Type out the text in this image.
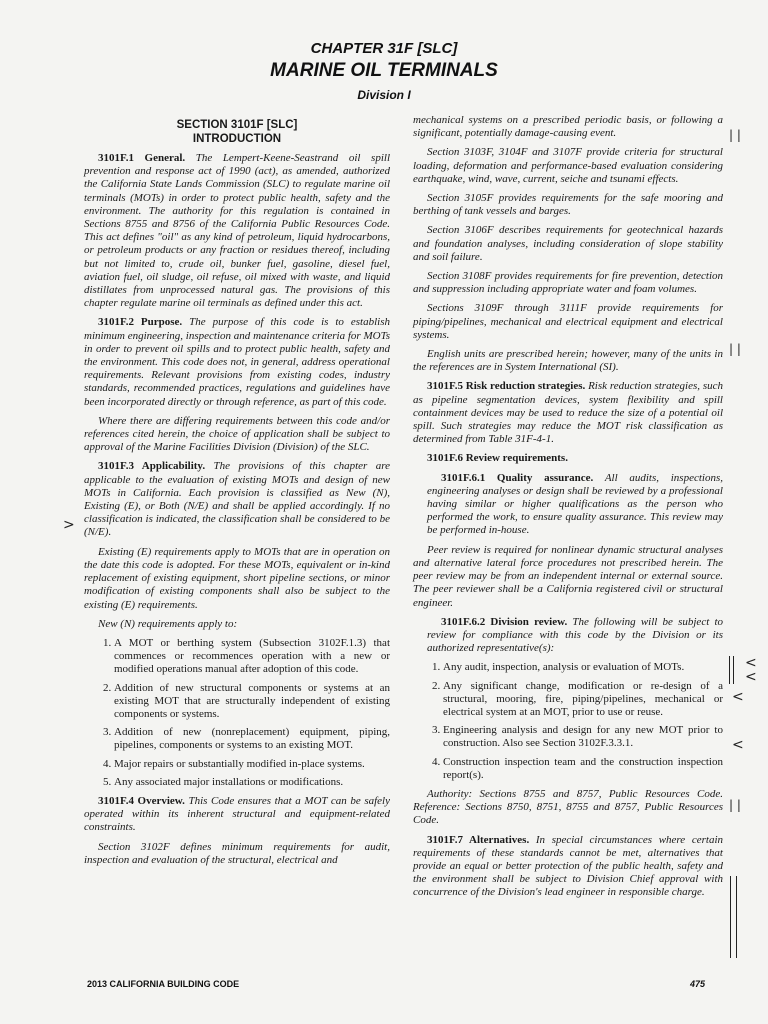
CHAPTER 31F [SLC]
MARINE OIL TERMINALS
Division I
SECTION 3101F [SLC]
INTRODUCTION

3101F.1 General. The Lempert-Keene-Seastrand oil spill prevention and response act of 1990 (act), as amended, authorized the California State Lands Commission (SLC) to regulate marine oil terminals (MOTs) in order to protect public health, safety and the environment. The authority for this regulation is contained in Sections 8755 and 8756 of the California Public Resources Code. This act defines "oil" as any kind of petroleum, liquid hydrocarbons, or petroleum products or any fraction or residues thereof, including but not limited to, crude oil, bunker fuel, gasoline, diesel fuel, aviation fuel, oil sludge, oil refuse, oil mixed with waste, and liquid distillates from unprocessed natural gas. The provisions of this chapter regulate marine oil terminals as defined under this act.

3101F.2 Purpose. The purpose of this code is to establish minimum engineering, inspection and maintenance criteria for MOTs in order to prevent oil spills and to protect public health, safety and the environment. This code does not, in general, address operational requirements. Relevant provisions from existing codes, industry standards, recommended practices, regulations and guidelines have been incorporated directly or through reference, as part of this code.

Where there are differing requirements between this code and/or references cited herein, the choice of application shall be subject to approval of the Marine Facilities Division (Division) of the SLC.

3101F.3 Applicability. The provisions of this chapter are applicable to the evaluation of existing MOTs and design of new MOTs in California. Each provision is classified as New (N), Existing (E), or Both (N/E) and shall be applied accordingly. If no classification is indicated, the classification shall be considered to be (N/E).

Existing (E) requirements apply to MOTs that are in operation on the date this code is adopted. For these MOTs, equivalent or in-kind replacement of existing equipment, short pipeline sections, or minor modification of existing components shall also be subject to the existing (E) requirements.

New (N) requirements apply to:

1. A MOT or berthing system (Subsection 3102F.1.3) that commences or recommences operation with a new or modified operations manual after adoption of this code.
2. Addition of new structural components or systems at an existing MOT that are structurally independent of existing components or systems.
3. Addition of new (nonreplacement) equipment, piping, pipelines, components or systems to an existing MOT.
4. Major repairs or substantially modified in-place systems.
5. Any associated major installations or modifications.

3101F.4 Overview. This Code ensures that a MOT can be safely operated within its inherent structural and equipment-related constraints.

Section 3102F defines minimum requirements for audit, inspection and evaluation of the structural, electrical and

mechanical systems on a prescribed periodic basis, or following a significant, potentially damage-causing event.

Section 3103F, 3104F and 3107F provide criteria for structural loading, deformation and performance-based evaluation considering earthquake, wind, wave, current, seiche and tsunami effects.

Section 3105F provides requirements for the safe mooring and berthing of tank vessels and barges.

Section 3106F describes requirements for geotechnical hazards and foundation analyses, including consideration of slope stability and soil failure.

Section 3108F provides requirements for fire prevention, detection and suppression including appropriate water and foam volumes.

Sections 3109F through 3111F provide requirements for piping/pipelines, mechanical and electrical equipment and electrical systems.

English units are prescribed herein; however, many of the units in the references are in System International (SI).

3101F.5 Risk reduction strategies. Risk reduction strategies, such as pipeline segmentation devices, system flexibility and spill containment devices may be used to reduce the size of a potential oil spill. Such strategies may reduce the MOT risk classification as determined from Table 31F-4-1.

3101F.6 Review requirements.

3101F.6.1 Quality assurance. All audits, inspections, engineering analyses or design shall be reviewed by a professional having similar or higher qualifications as the person who performed the work, to ensure quality assurance. This review may be performed in-house.

Peer review is required for nonlinear dynamic structural analyses and alternative lateral force procedures not prescribed herein. The peer review may be from an independent internal or external source. The peer reviewer shall be a California registered civil or structural engineer.

3101F.6.2 Division review. The following will be subject to review for compliance with this code by the Division or its authorized representative(s):

1. Any audit, inspection, analysis or evaluation of MOTs.
2. Any significant change, modification or re-design of a structural, mooring, fire, piping/pipelines, mechanical or electrical system at an MOT, prior to use or reuse.
3. Engineering analysis and design for any new MOT prior to construction. Also see Section 3102F.3.3.1.
4. Construction inspection team and the construction inspection report(s).

Authority: Sections 8755 and 8757, Public Resources Code. Reference: Sections 8750, 8751, 8755 and 8757, Public Resources Code.

3101F.7 Alternatives. In special circumstances where certain requirements of these standards cannot be met, alternatives that provide an equal or better protection of the public health, safety and the environment shall be subject to Division Chief approval with concurrence of the Division's lead engineer in responsible charge.

>
| |
| |
| |
<
<
<
<
2013 CALIFORNIA BUILDING CODE	475
